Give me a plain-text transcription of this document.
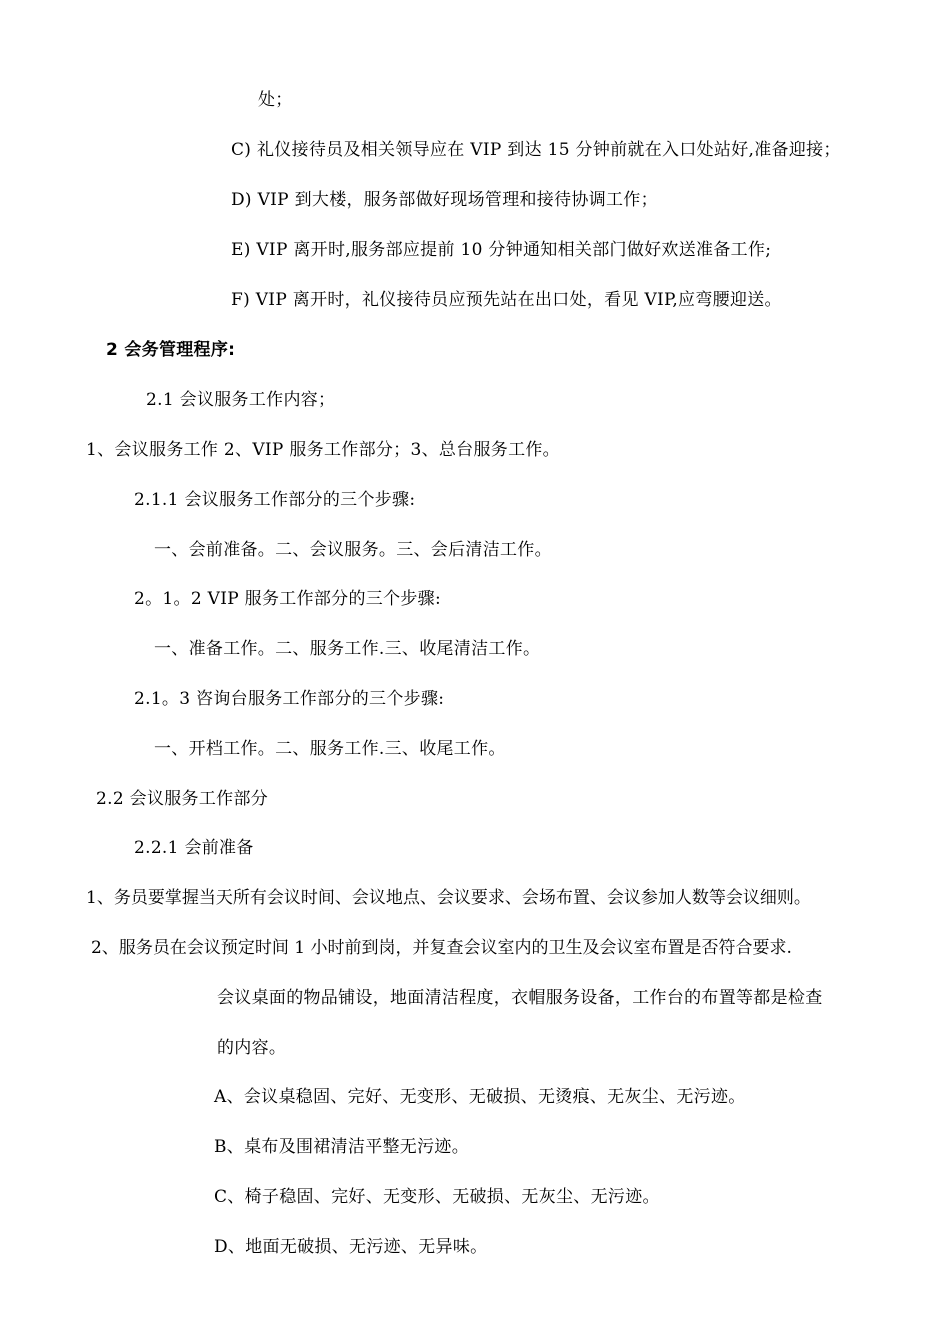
处；
C) 礼仪接待员及相关领导应在 VIP 到达 15 分钟前就在入口处站好,准备迎接；
D) VIP 到大楼，服务部做好现场管理和接待协调工作；
E) VIP 离开时,服务部应提前 10 分钟通知相关部门做好欢送准备工作;
F) VIP 离开时，礼仪接待员应预先站在出口处，看见 VIP,应弯腰迎送。
2 会务管理程序:
2.1 会议服务工作内容；
1、会议服务工作 2、VIP 服务工作部分；3、总台服务工作。
2.1.1 会议服务工作部分的三个步骤:
一、会前准备。二、会议服务。三、会后清洁工作。
2。1。2 VIP 服务工作部分的三个步骤:
一、准备工作。二、服务工作.三、收尾清洁工作。
2.1。3 咨询台服务工作部分的三个步骤:
一、开档工作。二、服务工作.三、收尾工作。
2.2 会议服务工作部分
2.2.1 会前准备
1、务员要掌握当天所有会议时间、会议地点、会议要求、会场布置、会议参加人数等会议细则。
2、服务员在会议预定时间 1 小时前到岗，并复查会议室内的卫生及会议室布置是否符合要求.
会议桌面的物品铺设，地面清洁程度，衣帽服务设备，工作台的布置等都是检查
的内容。
A、会议桌稳固、完好、无变形、无破损、无烫痕、无灰尘、无污迹。
B、桌布及围裙清洁平整无污迹。
C、椅子稳固、完好、无变形、无破损、无灰尘、无污迹。
D、地面无破损、无污迹、无异味。
